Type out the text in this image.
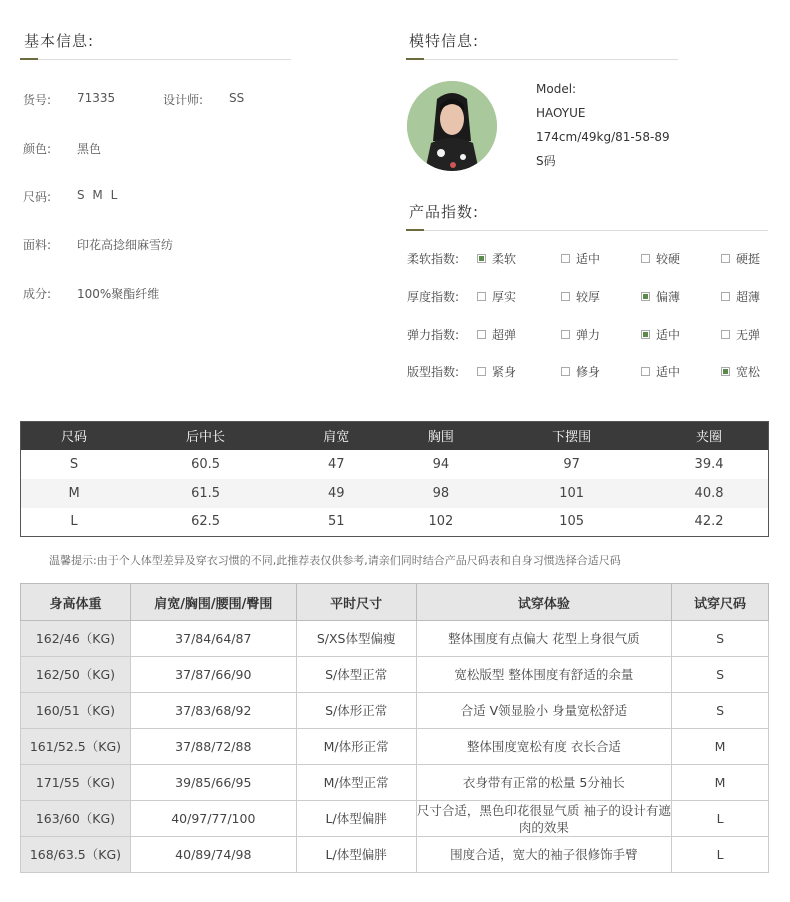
基本信息:
货号: 71335	设计师: SS
颜色: 黑色
尺码: S M L
面料: 印花高捻细麻雪纺
成分: 100%聚酯纤维
模特信息:
Model:
HAOYUE
174cm/49kg/81-58-89
S码
产品指数:
柔软指数:	柔软	适中	较硬	硬挺
厚度指数:	厚实	较厚	偏薄	超薄
弹力指数:	超弹	弹力	适中	无弹
版型指数:	紧身	修身	适中	宽松
尺码	后中长	肩宽	胸围	下摆围	夹圈
S	60.5	47	94	97	39.4
M	61.5	49	98	101	40.8
L	62.5	51	102	105	42.2
温馨提示:由于个人体型差异及穿衣习惯的不同,此推荐表仅供参考,请亲们同时结合产品尺码表和自身习惯选择合适尺码
身高体重	肩宽/胸围/腰围/臀围	平时尺寸	试穿体验	试穿尺码
162/46（KG)	37/84/64/87	S/XS体型偏瘦	整体围度有点偏大 花型上身很气质	S
162/50（KG)	37/87/66/90	S/体型正常	宽松版型 整体围度有舒适的余量	S
160/51（KG)	37/83/68/92	S/体形正常	合适 V领显脸小 身量宽松舒适	S
161/52.5（KG)	37/88/72/88	M/体形正常	整体围度宽松有度 衣长合适	M
171/55（KG)	39/85/66/95	M/体型正常	衣身带有正常的松量 5分袖长	M
163/60（KG)	40/97/77/100	L/体型偏胖	尺寸合适，黑色印花很显气质 袖子的设计有遮肉的效果	L
168/63.5（KG)	40/89/74/98	L/体型偏胖	围度合适，宽大的袖子很修饰手臂	L
